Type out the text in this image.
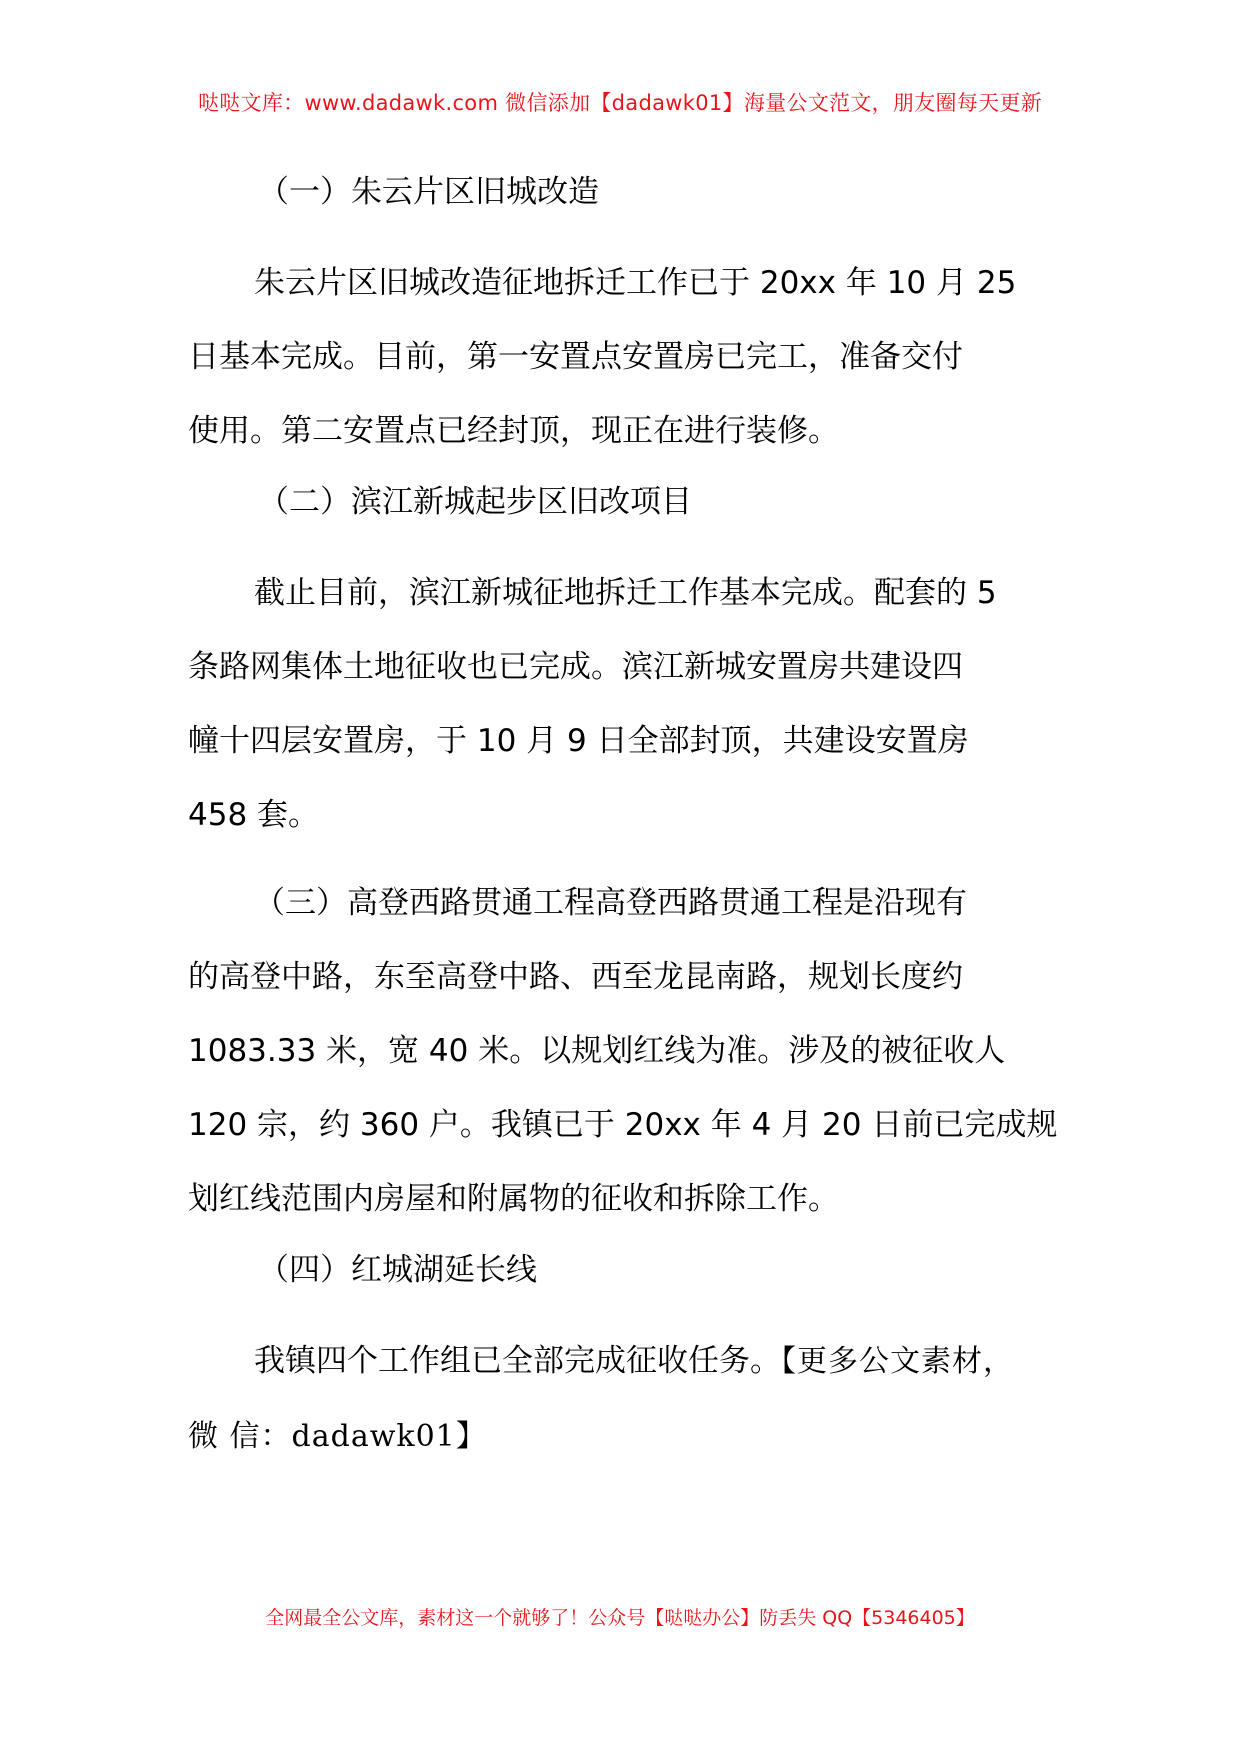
哒哒文库：www.dadawk.com 微信添加【dadawk01】海量公文范文，朋友圈每天更新
（一）朱云片区旧城改造
朱云片区旧城改造征地拆迁工作已于 20xx 年 10 月 25
日基本完成。目前，第一安置点安置房已完工，准备交付
使用。第二安置点已经封顶，现正在进行装修。
（二）滨江新城起步区旧改项目
截止目前，滨江新城征地拆迁工作基本完成。配套的 5
条路网集体土地征收也已完成。滨江新城安置房共建设四
幢十四层安置房，于 10 月 9 日全部封顶，共建设安置房
458 套。
（三）高登西路贯通工程高登西路贯通工程是沿现有
的高登中路，东至高登中路、西至龙昆南路，规划长度约
1083.33 米，宽 40 米。以规划红线为准。涉及的被征收人
120 宗，约 360 户。我镇已于 20xx 年 4 月 20 日前已完成规
划红线范围内房屋和附属物的征收和拆除工作。
（四）红城湖延长线
我镇四个工作组已全部完成征收任务。【更多公文素材，
微 信：dadawk01】
全网最全公文库，素材这一个就够了！公众号【哒哒办公】防丢失 QQ【5346405】
